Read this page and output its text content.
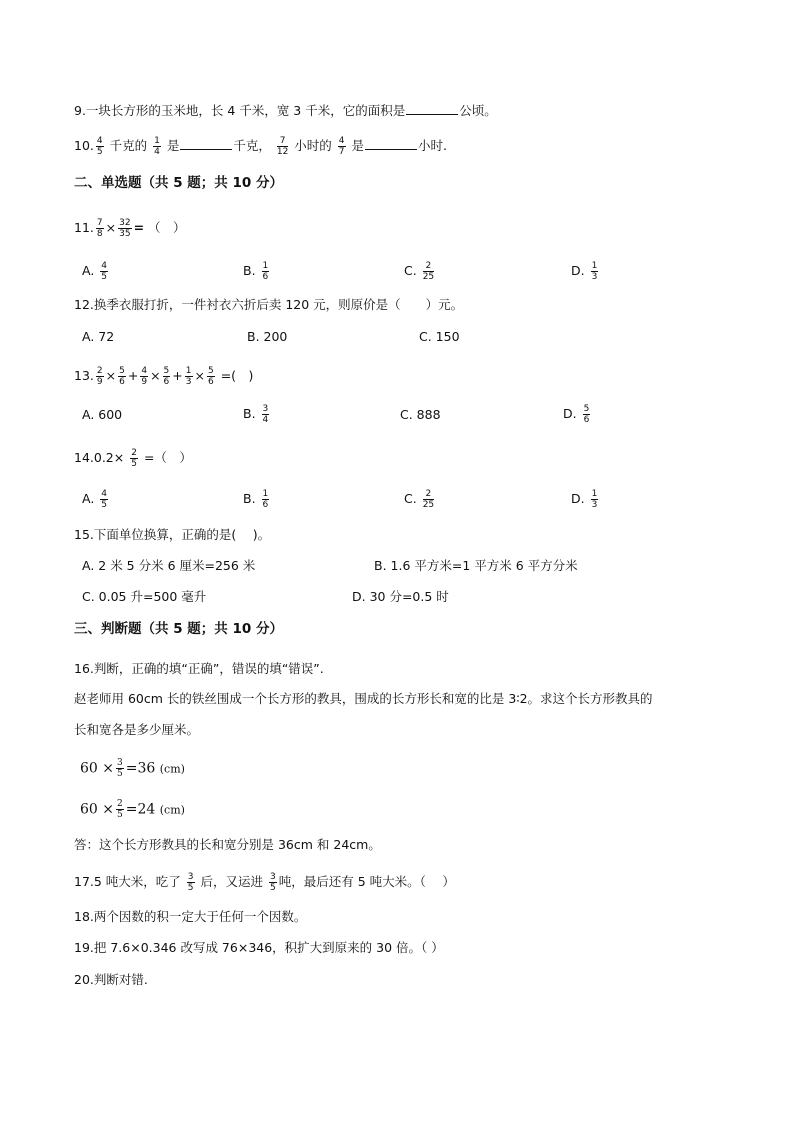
9.一块长方形的玉米地，长 4 千米，宽 3 千米，它的面积是	公顷。
10. $\frac{4}{5}$ 千克的 $\frac{1}{4}$ 是	千克， $\frac{7}{12}$ 小时的 $\frac{4}{7}$ 是	小时.
二、单选题（共 5 题；共 10 分）
11. $\frac{7}{8} \times \frac{32}{35}$ = （　）
A. $\frac{4}{5}$	B. $\frac{1}{6}$	C. $\frac{2}{25}$	D. $\frac{1}{3}$
12.换季衣服打折，一件衬衣六折后卖 120 元，则原价是（　　）元。
A. 72	B. 200	C. 150
13. $\frac{2}{9} \times \frac{5}{6} + \frac{4}{9} \times \frac{5}{6} + \frac{1}{3} \times \frac{5}{6}$ =(　)
A. 600	B. $\frac{3}{4}$	C. 888	D. $\frac{5}{6}$
$14.0.2\times \frac{2}{5}$ =（　）
A. $\frac{4}{5}$	B. $\frac{1}{6}$	C. $\frac{2}{25}$	D. $\frac{1}{3}$
15.下面单位换算，正确的是(　 )。
A. 2 米 5 分米 6 厘米=256 米	B. 1.6 平方米=1 平方米 6 平方分米
C. 0.05 升=500 毫升	D. 30 分=0.5 时
三、判断题（共 5 题；共 10 分）
16.判断，正确的填“正确”，错误的填“错误”.
赵老师用 60cm 长的铁丝围成一个长方形的教具，围成的长方形长和宽的比是 3∶2。求这个长方形教具的
长和宽各是多少厘米。
$60 \times \frac{3}{5} =36$ (cm)
$60 \times \frac{2}{5} =24$ (cm)
答：这个长方形教具的长和宽分别是 36cm 和 24cm。
17.5 吨大米，吃了 $\frac{3}{5}$ 后，又运进 $\frac{3}{5}$ 吨，最后还有 5 吨大米。（　 ）
18.两个因数的积一定大于任何一个因数。
19.把 7.6×0.346 改写成 76×346，积扩大到原来的 30 倍。（ ）
20.判断对错.
